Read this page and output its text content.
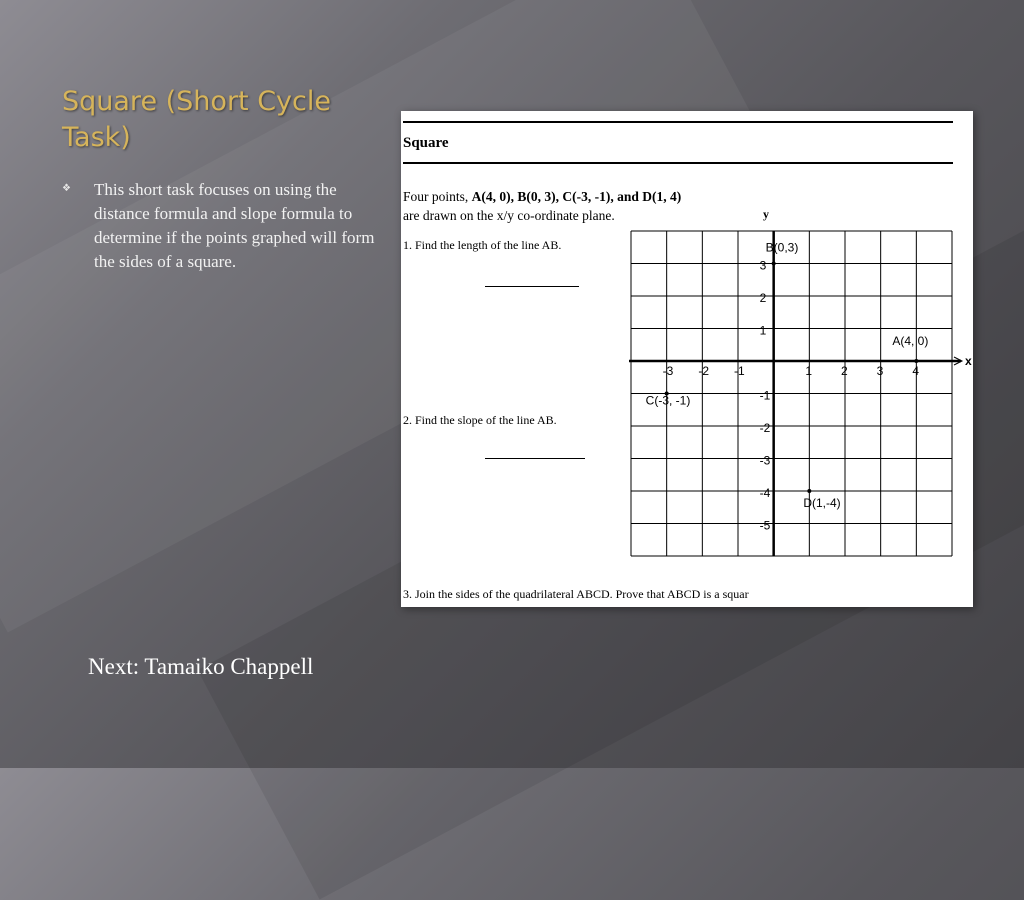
Square (Short Cycle Task)
❖	This short task focuses on using the distance formula and slope formula to determine if the points graphed will form the sides of a square.
Next: Tamaiko Chappell
Square
Four points, A(4, 0), B(0, 3), C(-3, -1), and D(1, 4)
are drawn on the x/y co-ordinate plane.	y
1. Find the length of the line AB.
2. Find the slope of the line AB.
3. Join the sides of the quadrilateral ABCD. Prove that ABCD is a squar
x
-3 -2 -1	1 2 3 4
3
2
1
-1
-2
-3
-4
-5
A(4, 0)
B(0,3)
C(-3, -1)
D(1,-4)
